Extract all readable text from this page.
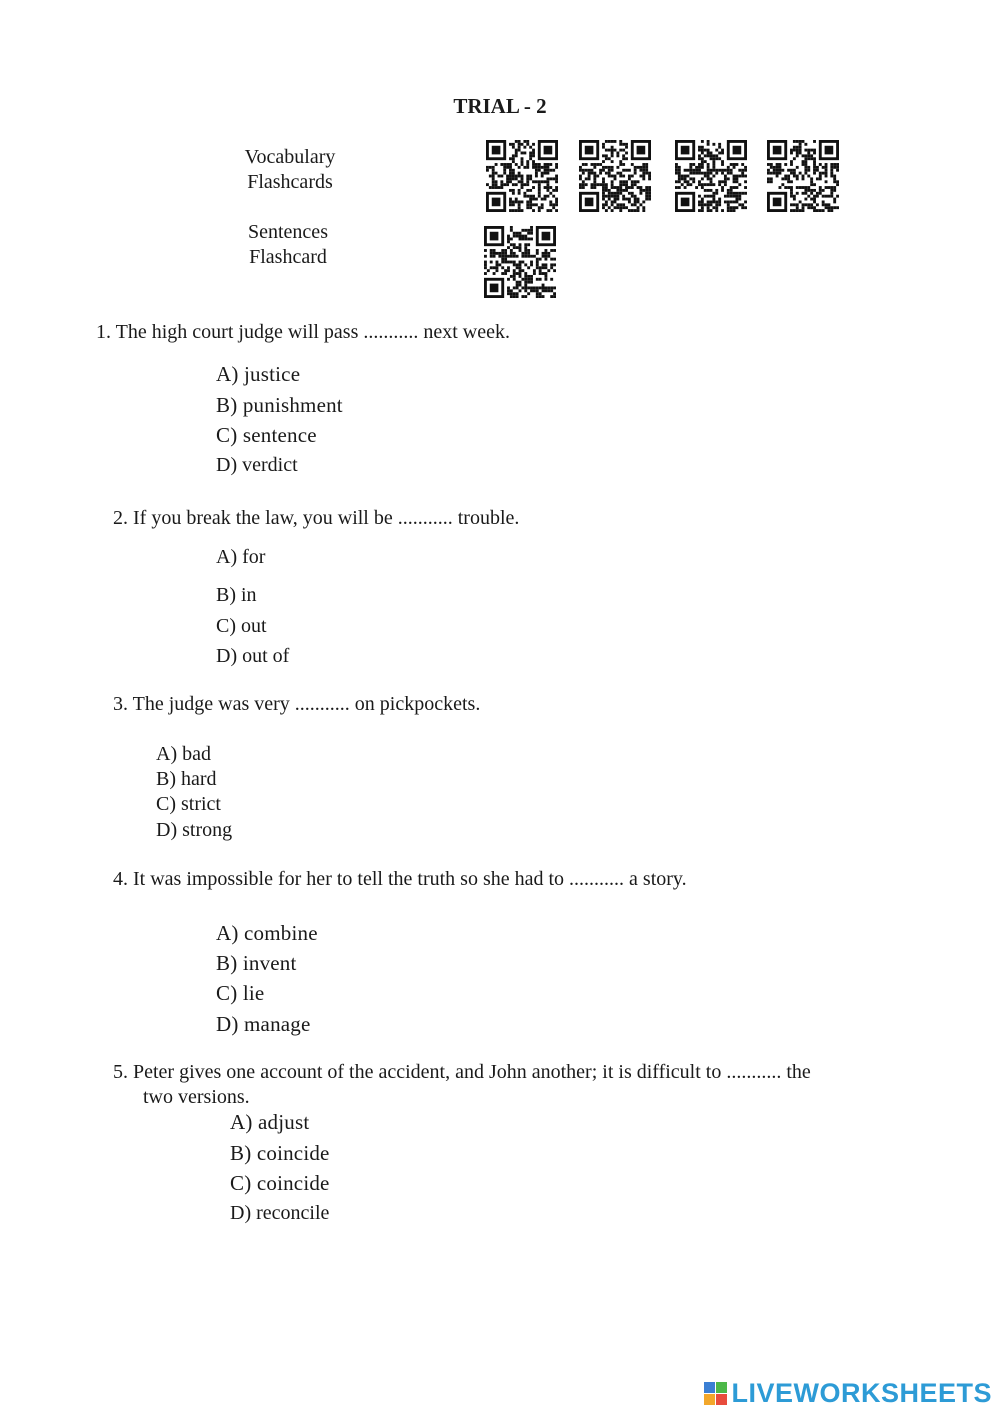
TRIAL - 2
Vocabulary
Flashcards
Sentences
Flashcard
1. The high court judge will pass ........... next week.
A) justice
B) punishment
C) sentence
D) verdict
2. If you break the law, you will be ........... trouble.
A) for
B) in
C) out
D) out of
3. The judge was very ........... on pickpockets.
A) bad
B) hard
C) strict
D) strong
4. It was impossible for her to tell the truth so she had to ........... a story.
A) combine
B) invent
C) lie
D) manage
5. Peter gives one account of the accident, and John another; it is difficult to ........... the
two versions.
A) adjust
B) coincide
C) coincide
D) reconcile
LIVEWORKSHEETS
